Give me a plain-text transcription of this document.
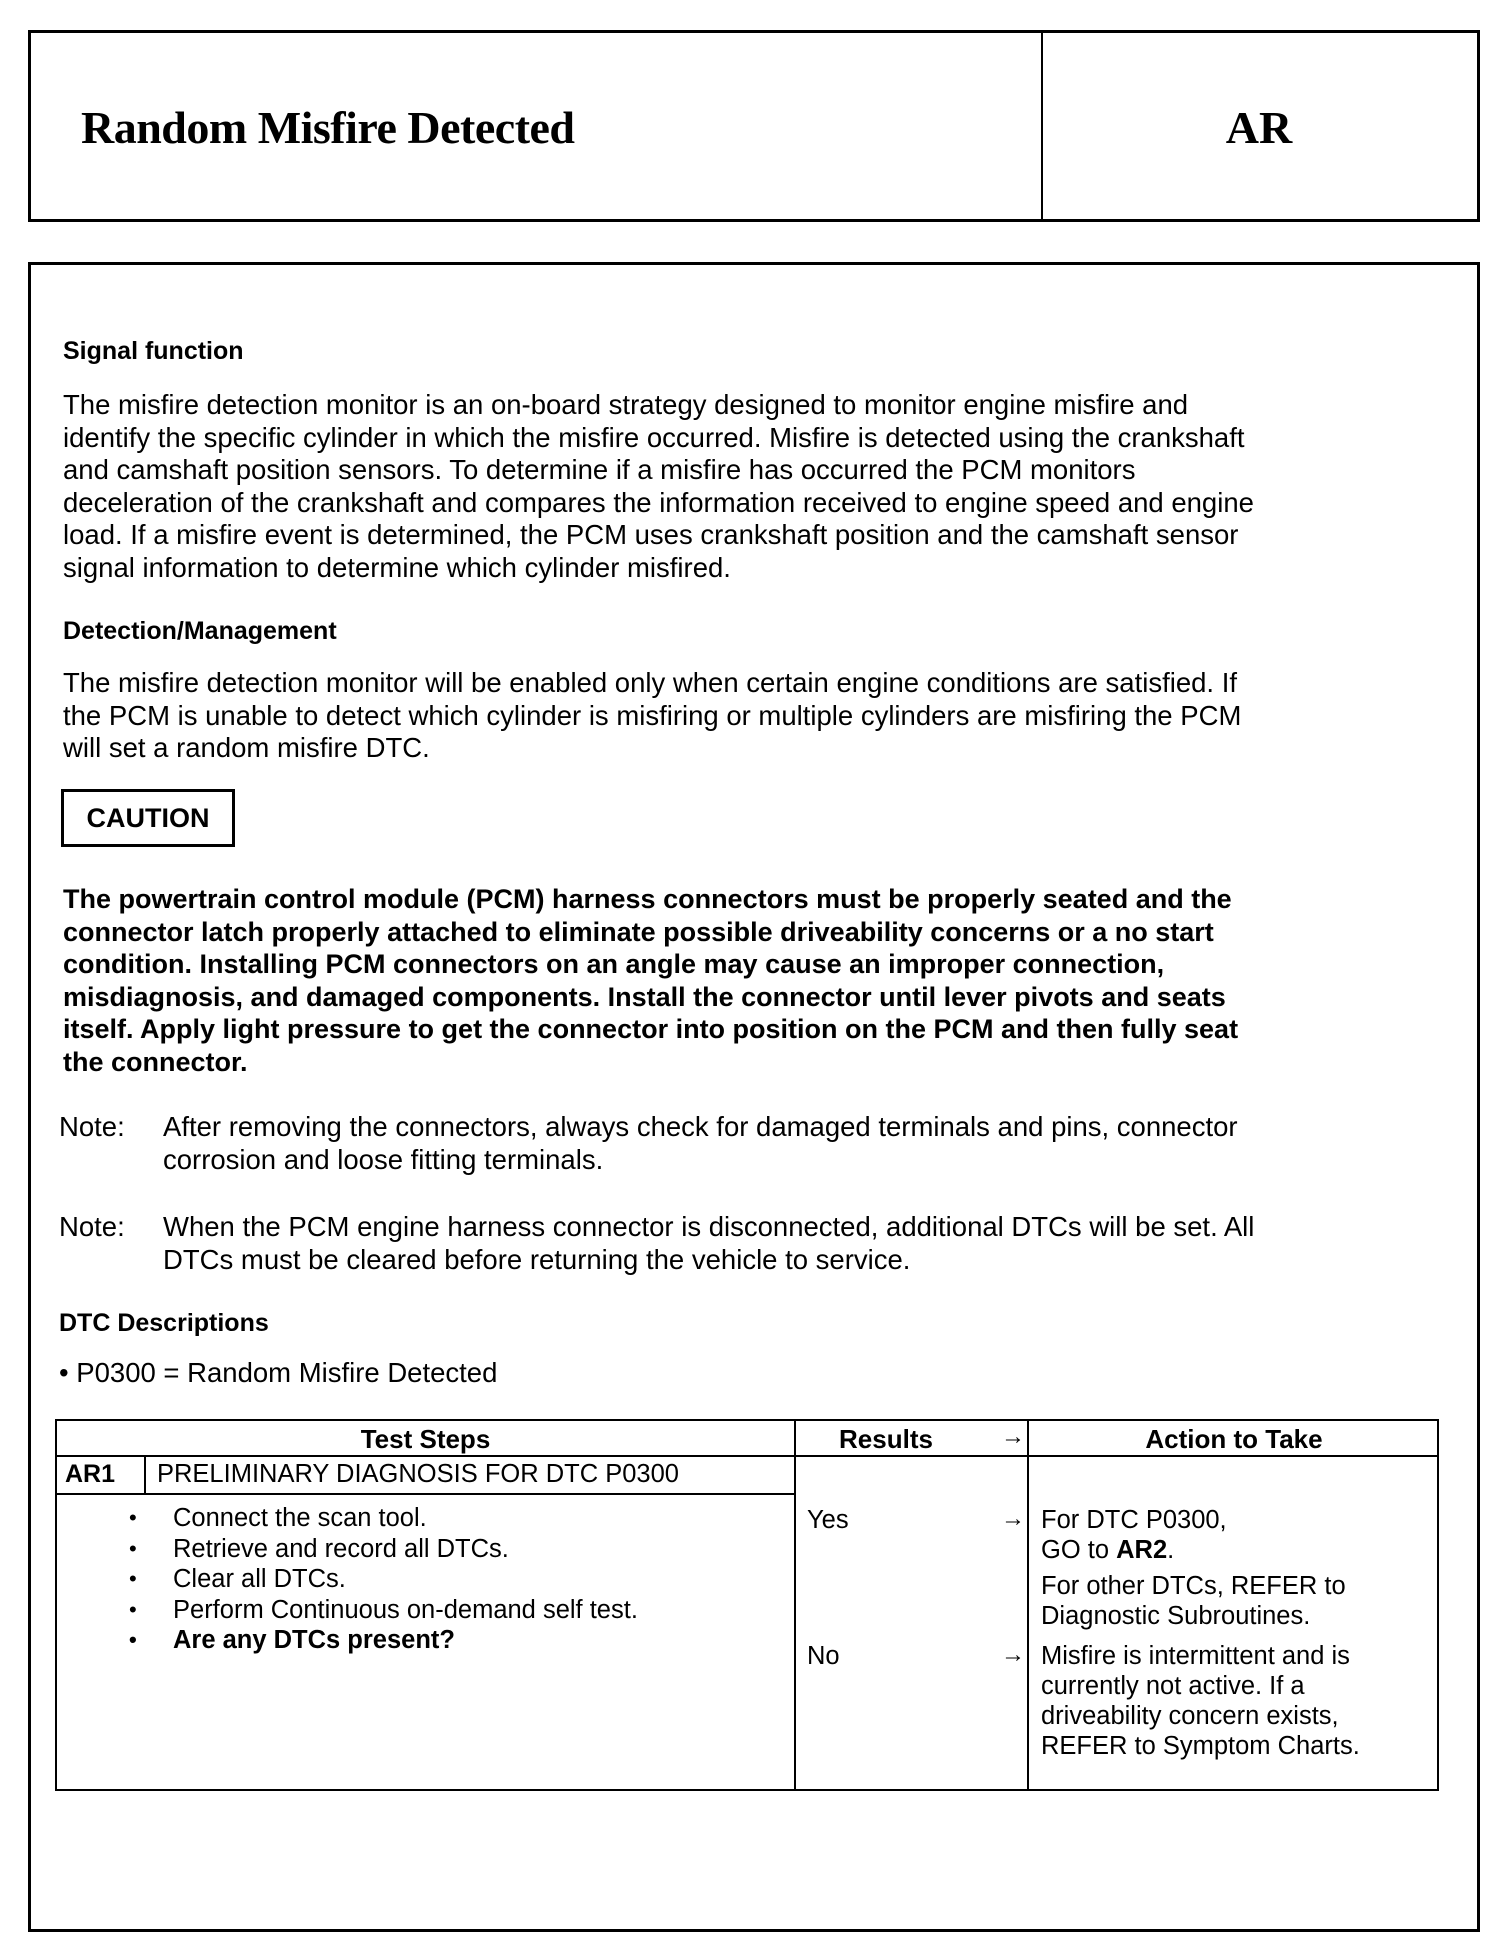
Random Misfire Detected	AR
Signal function
The misfire detection monitor is an on-board strategy designed to monitor engine misfire and
identify the specific cylinder in which the misfire occurred. Misfire is detected using the crankshaft
and camshaft position sensors. To determine if a misfire has occurred the PCM monitors
deceleration of the crankshaft and compares the information received to engine speed and engine
load. If a misfire event is determined, the PCM uses crankshaft position and the camshaft sensor
signal information to determine which cylinder misfired.
Detection/Management
The misfire detection monitor will be enabled only when certain engine conditions are satisfied. If
the PCM is unable to detect which cylinder is misfiring or multiple cylinders are misfiring the PCM
will set a random misfire DTC.
CAUTION
The powertrain control module (PCM) harness connectors must be properly seated and the
connector latch properly attached to eliminate possible driveability concerns or a no start
condition. Installing PCM connectors on an angle may cause an improper connection,
misdiagnosis, and damaged components. Install the connector until lever pivots and seats
itself. Apply light pressure to get the connector into position on the PCM and then fully seat
the connector.
Note: After removing the connectors, always check for damaged terminals and pins, connector
corrosion and loose fitting terminals.
Note: When the PCM engine harness connector is disconnected, additional DTCs will be set. All
DTCs must be cleared before returning the vehicle to service.
DTC Descriptions
• P0300 = Random Misfire Detected
Test Steps	Results	→	Action to Take
AR1 PRELIMINARY DIAGNOSIS FOR DTC P0300
• Connect the scan tool.
• Retrieve and record all DTCs.
• Clear all DTCs.
• Perform Continuous on-demand self test.
• Are any DTCs present?
Yes	→ For DTC P0300,
GO to AR2.
For other DTCs, REFER to
Diagnostic Subroutines.
No	→ Misfire is intermittent and is
currently not active. If a
driveability concern exists,
REFER to Symptom Charts.
